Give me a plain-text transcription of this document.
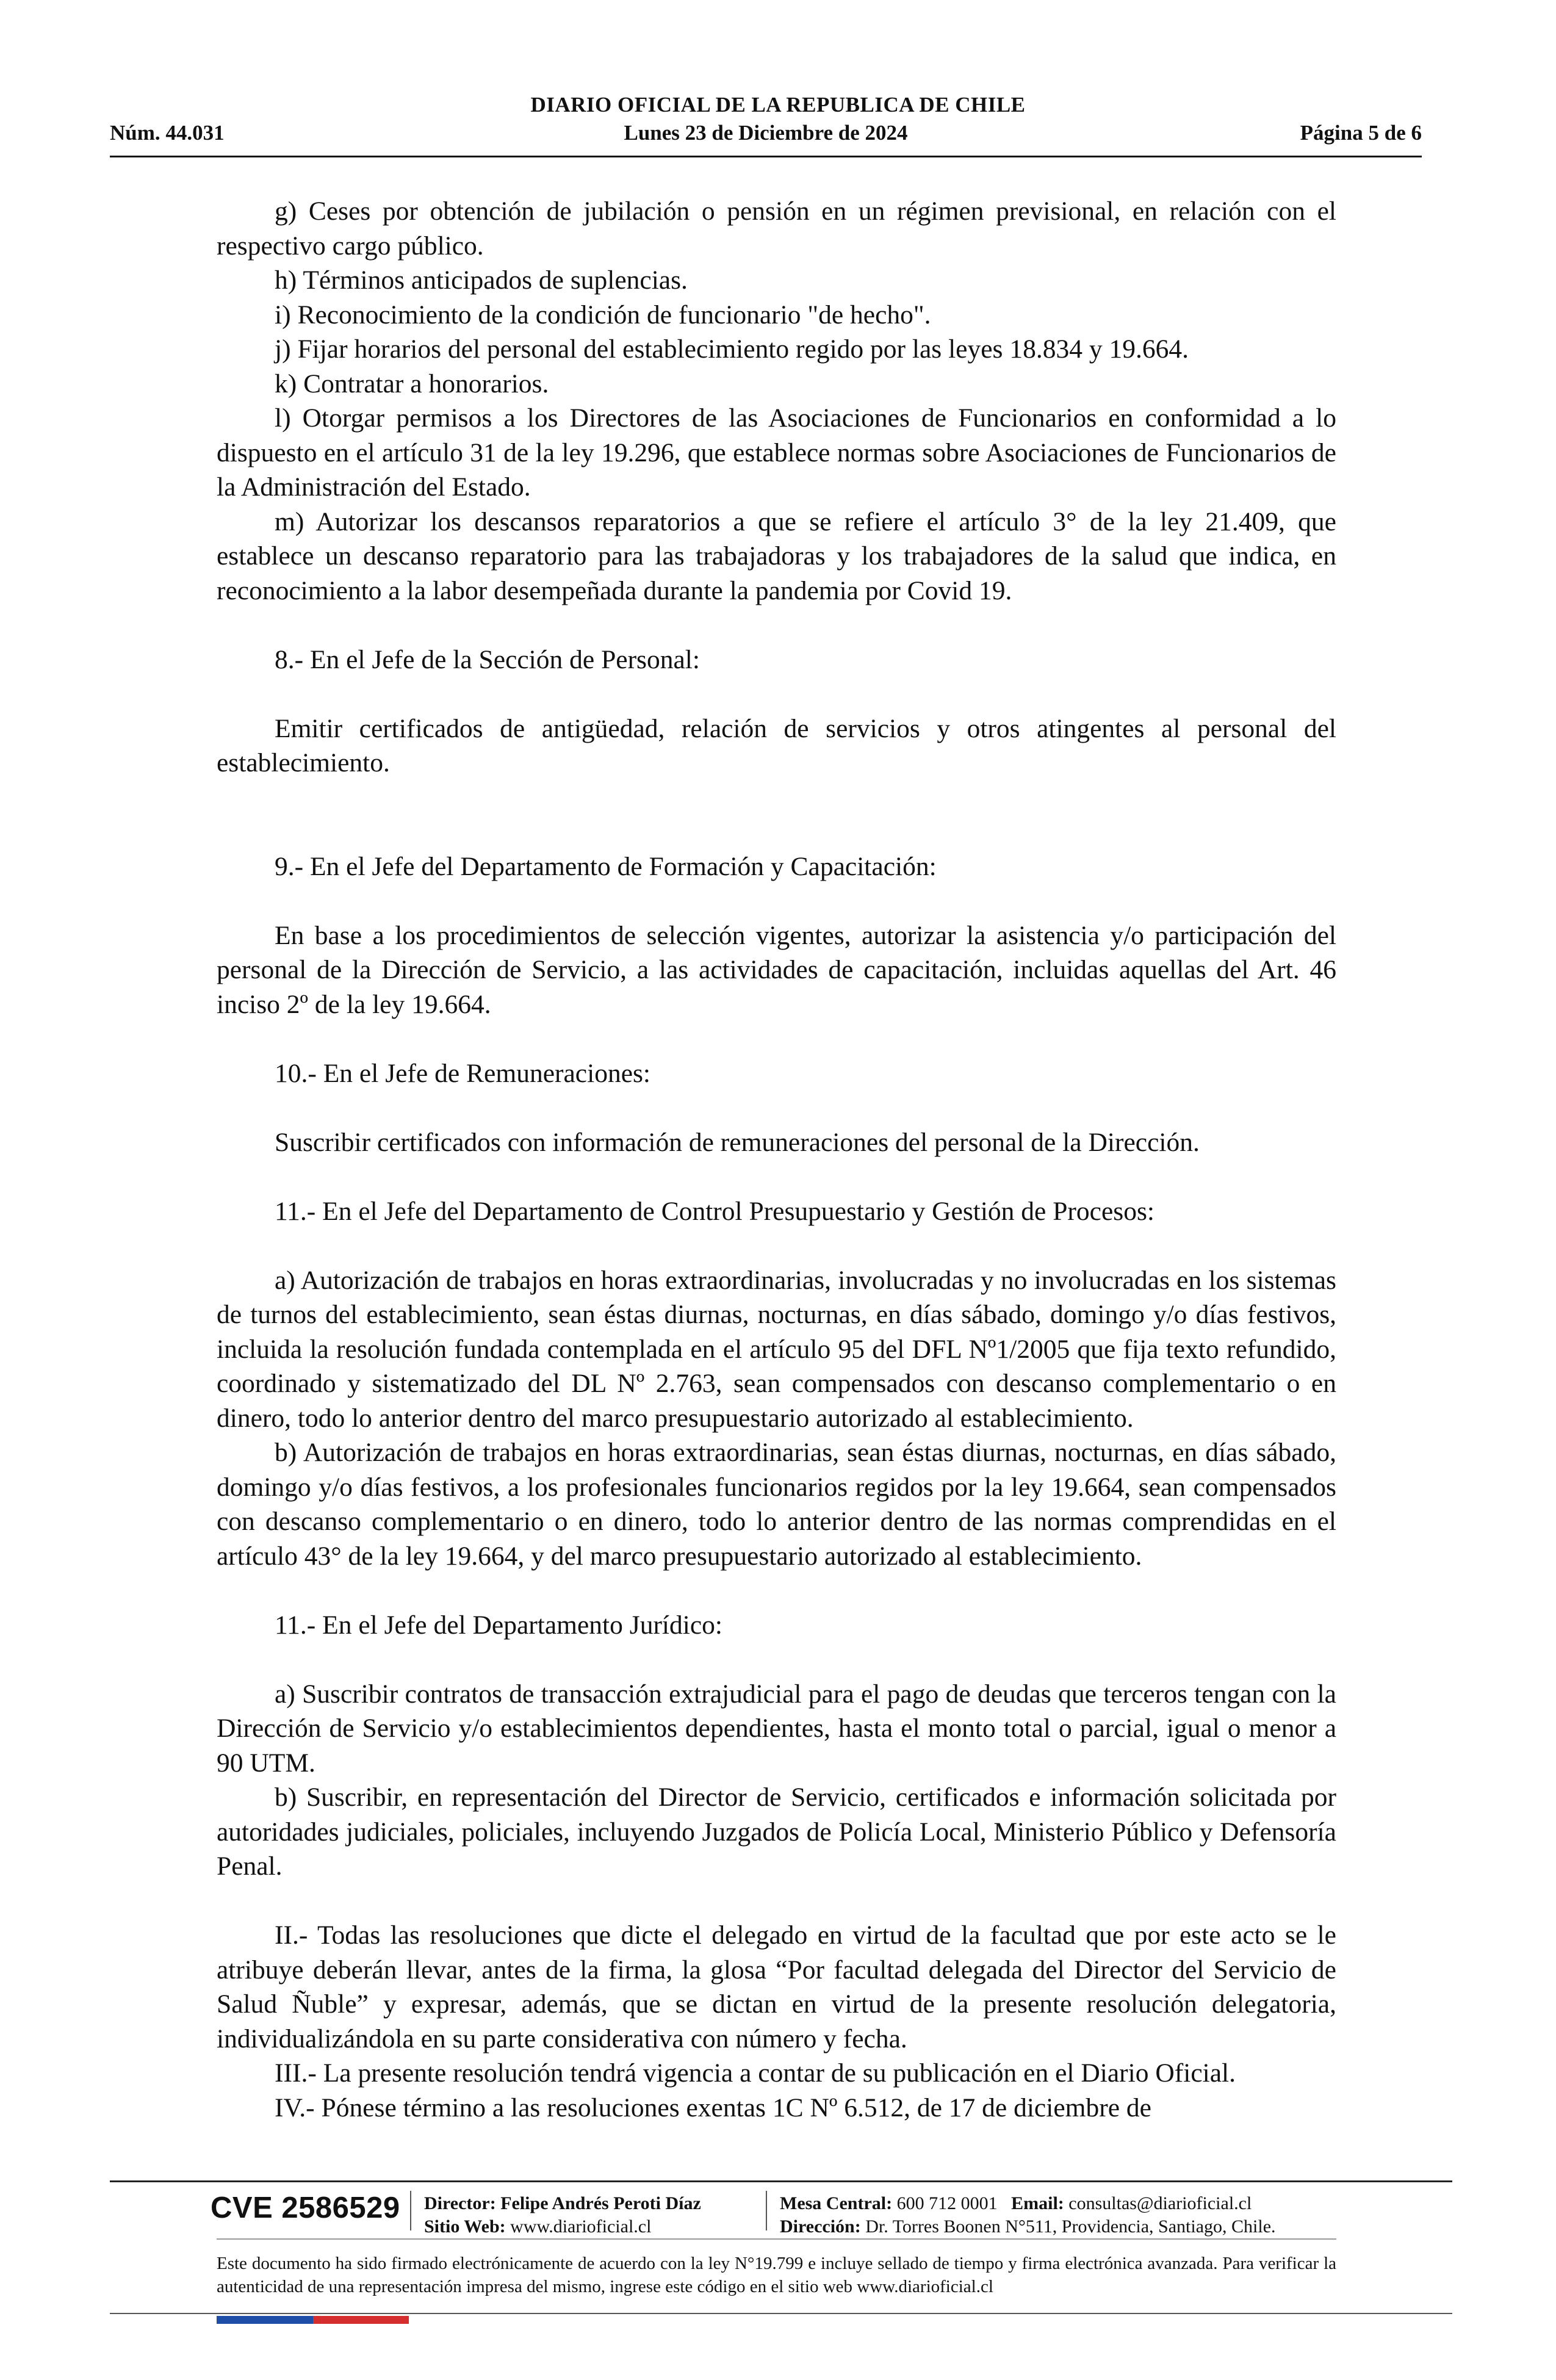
DIARIO OFICIAL DE LA REPUBLICA DE CHILE
Núm. 44.031	Lunes 23 de Diciembre de 2024	Página 5 de 6

g) Ceses por obtención de jubilación o pensión en un régimen previsional, en relación con el respectivo cargo público.

h) Términos anticipados de suplencias.

i) Reconocimiento de la condición de funcionario "de hecho".

j) Fijar horarios del personal del establecimiento regido por las leyes 18.834 y 19.664.

k) Contratar a honorarios.

l) Otorgar permisos a los Directores de las Asociaciones de Funcionarios en conformidad a lo dispuesto en el artículo 31 de la ley 19.296, que establece normas sobre Asociaciones de Funcionarios de la Administración del Estado.

m) Autorizar los descansos reparatorios a que se refiere el artículo 3° de la ley 21.409, que establece un descanso reparatorio para las trabajadoras y los trabajadores de la salud que indica, en reconocimiento a la labor desempeñada durante la pandemia por Covid 19.

8.- En el Jefe de la Sección de Personal:

Emitir certificados de antigüedad, relación de servicios y otros atingentes al personal del establecimiento.

9.- En el Jefe del Departamento de Formación y Capacitación:

En base a los procedimientos de selección vigentes, autorizar la asistencia y/o participación del personal de la Dirección de Servicio, a las actividades de capacitación, incluidas aquellas del Art. 46 inciso 2º de la ley 19.664.

10.- En el Jefe de Remuneraciones:

Suscribir certificados con información de remuneraciones del personal de la Dirección.

11.- En el Jefe del Departamento de Control Presupuestario y Gestión de Procesos:

a) Autorización de trabajos en horas extraordinarias, involucradas y no involucradas en los sistemas de turnos del establecimiento, sean éstas diurnas, nocturnas, en días sábado, domingo y/o días festivos, incluida la resolución fundada contemplada en el artículo 95 del DFL Nº1/2005 que fija texto refundido, coordinado y sistematizado del DL Nº 2.763, sean compensados con descanso complementario o en dinero, todo lo anterior dentro del marco presupuestario autorizado al establecimiento.

b) Autorización de trabajos en horas extraordinarias, sean éstas diurnas, nocturnas, en días sábado, domingo y/o días festivos, a los profesionales funcionarios regidos por la ley 19.664, sean compensados con descanso complementario o en dinero, todo lo anterior dentro de las normas comprendidas en el artículo 43° de la ley 19.664, y del marco presupuestario autorizado al establecimiento.

11.- En el Jefe del Departamento Jurídico:

a) Suscribir contratos de transacción extrajudicial para el pago de deudas que terceros tengan con la Dirección de Servicio y/o establecimientos dependientes, hasta el monto total o parcial, igual o menor a 90 UTM.

b) Suscribir, en representación del Director de Servicio, certificados e información solicitada por autoridades judiciales, policiales, incluyendo Juzgados de Policía Local, Ministerio Público y Defensoría Penal.

II.- Todas las resoluciones que dicte el delegado en virtud de la facultad que por este acto se le atribuye deberán llevar, antes de la firma, la glosa “Por facultad delegada del Director del Servicio de Salud Ñuble” y expresar, además, que se dictan en virtud de la presente resolución delegatoria, individualizándola en su parte considerativa con número y fecha.

III.- La presente resolución tendrá vigencia a contar de su publicación en el Diario Oficial.

IV.- Pónese término a las resoluciones exentas 1C Nº 6.512, de 17 de diciembre de

CVE 2586529 Director: Felipe Andrés Peroti Díaz
Sitio Web: www.diarioficial.cl
Mesa Central: 600 712 0001 Email: consultas@diarioficial.cl
Dirección: Dr. Torres Boonen N°511, Providencia, Santiago, Chile.
Este documento ha sido firmado electrónicamente de acuerdo con la ley N°19.799 e incluye sellado de tiempo y firma electrónica avanzada. Para verificar la autenticidad de una representación impresa del mismo, ingrese este código en el sitio web www.diarioficial.cl
